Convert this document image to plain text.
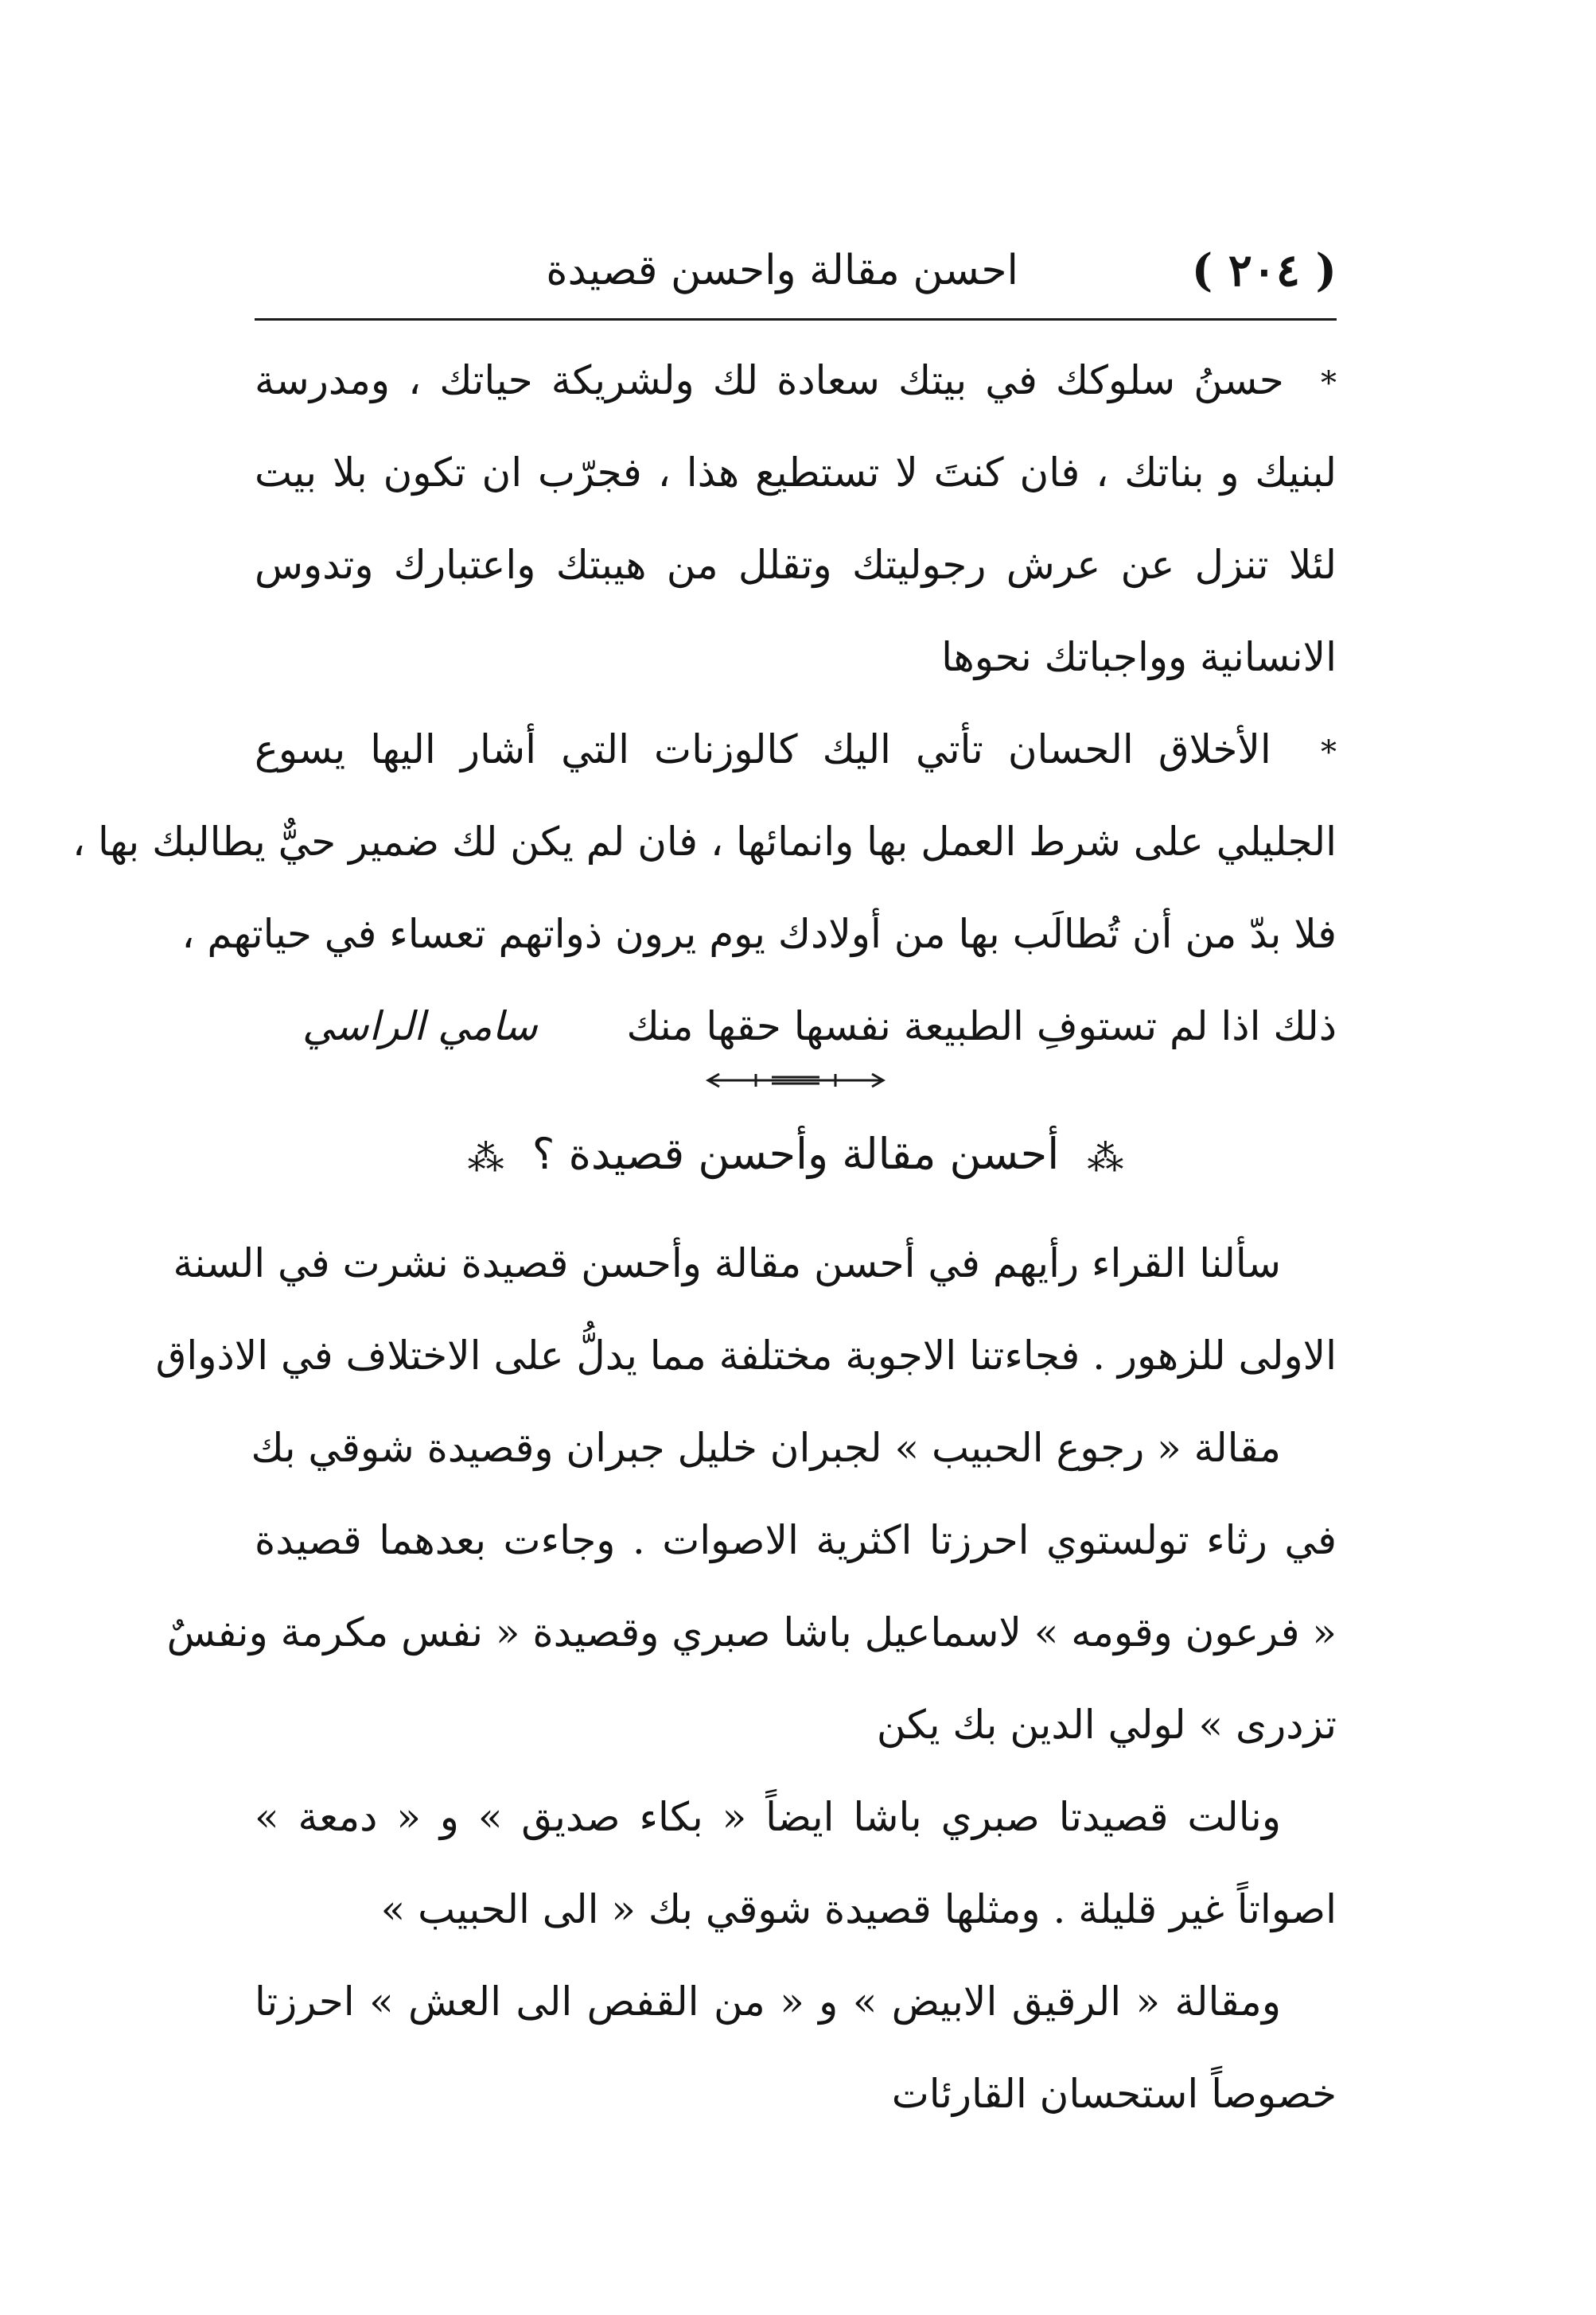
( ٢٠٤ )
احسن مقالة واحسن قصيدة
*  حسنُ سلوكك في بيتك سعادة لك ولشريكة حياتك ، ومدرسة
لبنيك و بناتك ، فان كنتَ لا تستطيع هذا ، فجرّب ان تكون بلا بيت
لئلا تنزل عن عرش رجوليتك وتقلل من هيبتك واعتبارك وتدوس
الانسانية وواجباتك نحوها
*  الأخلاق الحسان تأتي اليك كالوزنات التي أشار اليها يسوع
الجليلي على شرط العمل بها وانمائها ، فان لم يكن لك ضمير حيٌّ يطالبك بها ،
فلا بدّ من أن تُطالَب بها من أولادك يوم يرون ذواتهم تعساء في حياتهم ،
ذلك اذا لم تستوفِ الطبيعة نفسها حقها منك
سامي الراسي
⁂ أحسن مقالة وأحسن قصيدة ؟ ⁂
سألنا القراء رأيهم في أحسن مقالة وأحسن قصيدة نشرت في السنة
الاولى للزهور . فجاءتنا الاجوبة مختلفة مما يدلُّ على الاختلاف في الاذواق
مقالة « رجوع الحبيب » لجبران خليل جبران وقصيدة شوقي بك
في رثاء تولستوي احرزتا اكثرية الاصوات . وجاءت بعدهما قصيدة
« فرعون وقومه » لاسماعيل باشا صبري وقصيدة « نفس مكرمة ونفسٌ
تزدرى » لولي الدين بك يكن
ونالت قصيدتا صبري باشا ايضاً « بكاء صديق » و « دمعة »
اصواتاً غير قليلة . ومثلها قصيدة شوقي بك « الى الحبيب »
ومقالة « الرقيق الابيض » و « من القفص الى العش » احرزتا
خصوصاً استحسان القارئات
